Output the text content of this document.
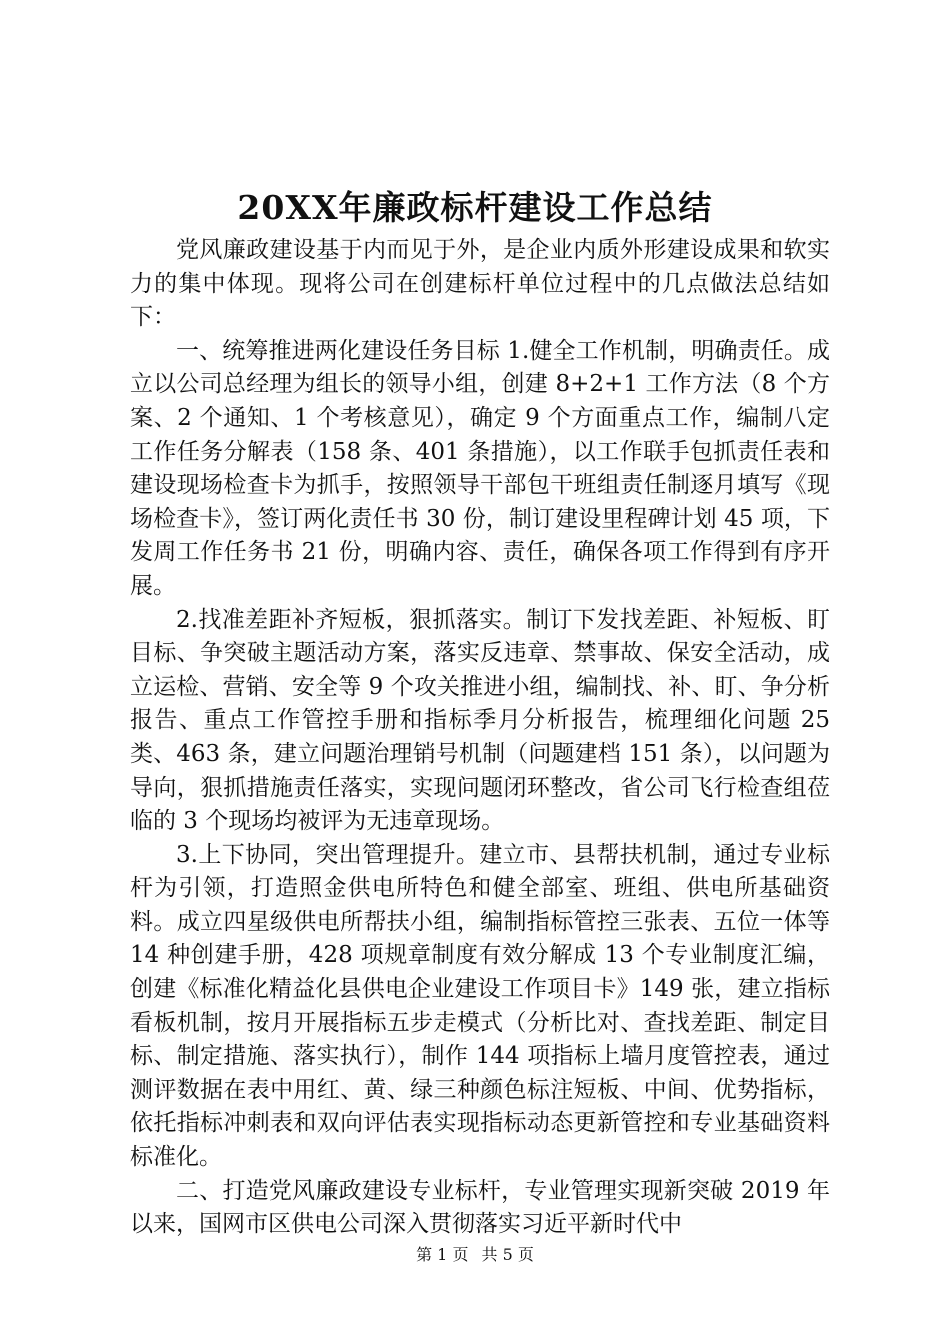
20XX年廉政标杆建设工作总结

党风廉政建设基于内而见于外，是企业内质外形建设成果和软实力的集中体现。现将公司在创建标杆单位过程中的几点做法总结如下：

一、统筹推进两化建设任务目标 1.健全工作机制，明确责任。成立以公司总经理为组长的领导小组，创建 8+2+1 工作方法（8 个方案、2 个通知、1 个考核意见），确定 9 个方面重点工作，编制八定工作任务分解表（158 条、401 条措施），以工作联手包抓责任表和建设现场检查卡为抓手，按照领导干部包干班组责任制逐月填写《现场检查卡》，签订两化责任书 30 份，制订建设里程碑计划 45 项，下发周工作任务书 21 份，明确内容、责任，确保各项工作得到有序开展。

2.找准差距补齐短板，狠抓落实。制订下发找差距、补短板、盯目标、争突破主题活动方案，落实反违章、禁事故、保安全活动，成立运检、营销、安全等 9 个攻关推进小组，编制找、补、盯、争分析报告、重点工作管控手册和指标季月分析报告，梳理细化问题 25 类、463 条，建立问题治理销号机制（问题建档 151 条），以问题为导向，狠抓措施责任落实，实现问题闭环整改，省公司飞行检查组莅临的 3 个现场均被评为无违章现场。

3.上下协同，突出管理提升。建立市、县帮扶机制，通过专业标杆为引领，打造照金供电所特色和健全部室、班组、供电所基础资料。成立四星级供电所帮扶小组，编制指标管控三张表、五位一体等 14 种创建手册，428 项规章制度有效分解成 13 个专业制度汇编，创建《标准化精益化县供电企业建设工作项目卡》149 张，建立指标看板机制，按月开展指标五步走模式（分析比对、查找差距、制定目标、制定措施、落实执行），制作 144 项指标上墙月度管控表，通过测评数据在表中用红、黄、绿三种颜色标注短板、中间、优势指标，依托指标冲刺表和双向评估表实现指标动态更新管控和专业基础资料标准化。

二、打造党风廉政建设专业标杆，专业管理实现新突破 2019 年以来，国网市区供电公司深入贯彻落实习近平新时代中

第 1 页 共 5 页
